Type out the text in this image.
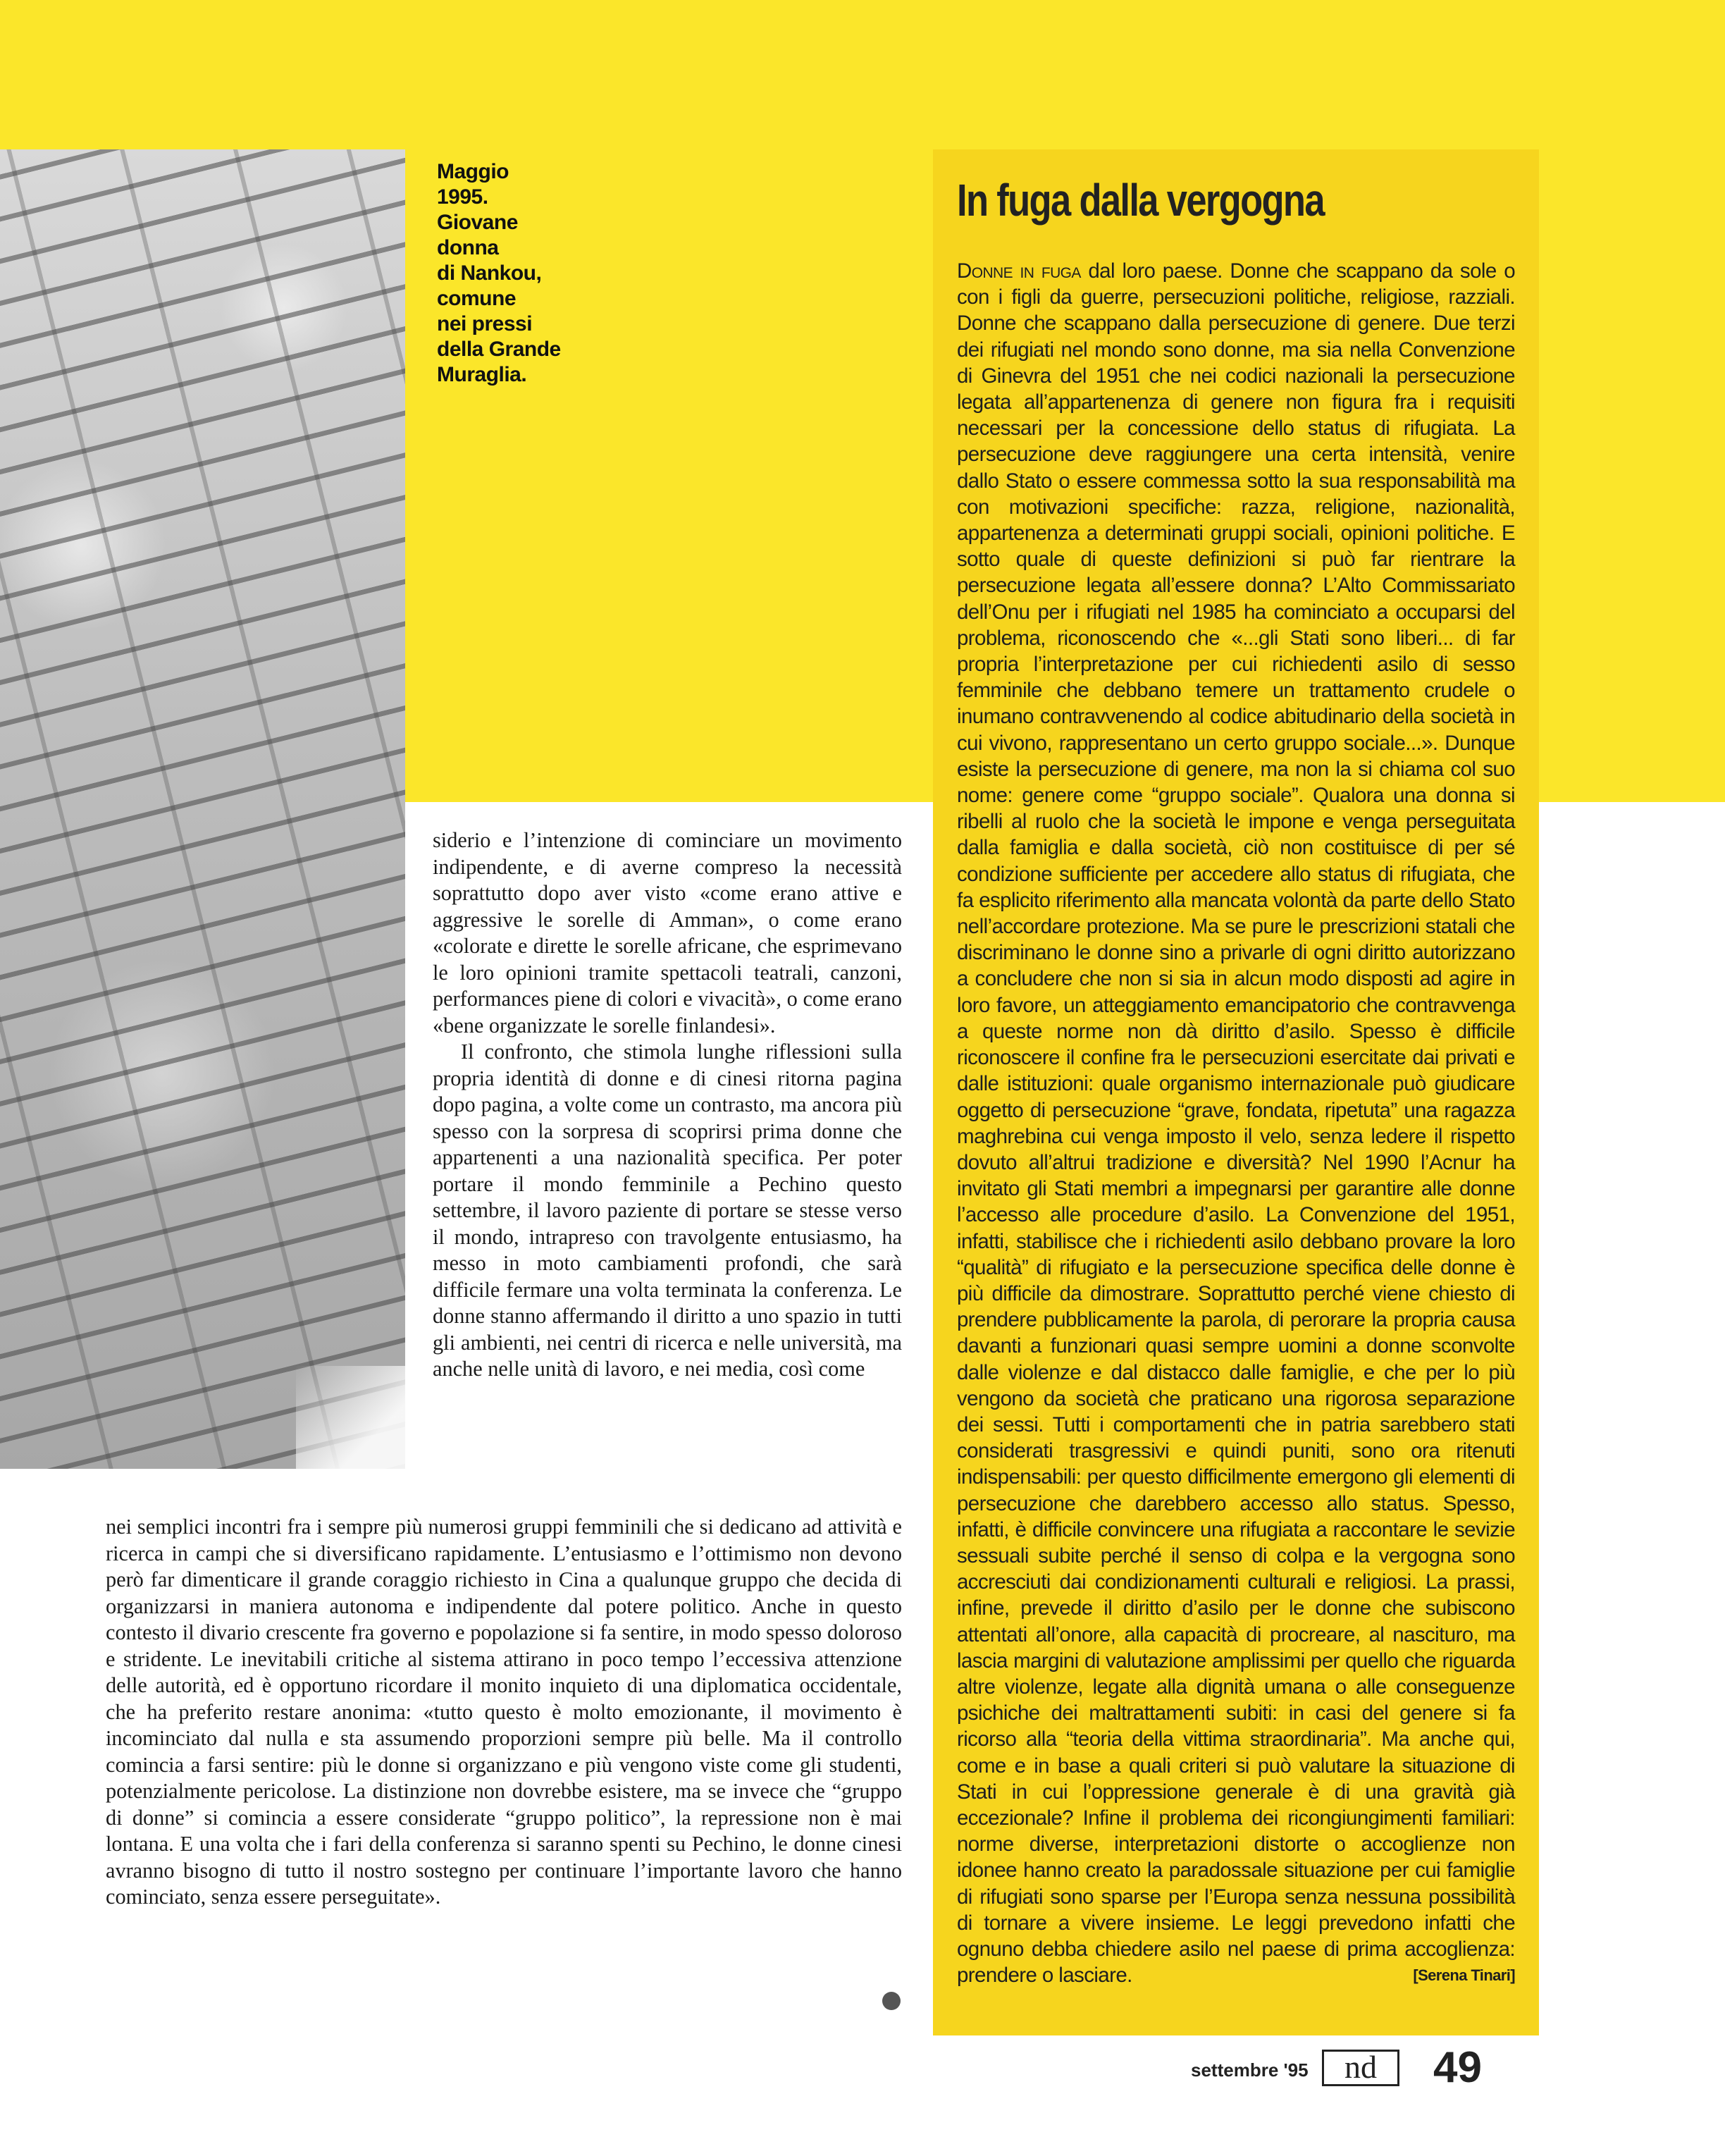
Maggio
1995.
Giovane
donna
di Nankou,
comune
nei pressi
della Grande
Muraglia.

siderio e l’intenzione di cominciare un movimento indipendente, e di averne compreso la necessità soprattutto dopo aver visto «come erano attive e aggressive le sorelle di Amman», o come erano «colorate e dirette le sorelle africane, che esprimevano le loro opinioni tramite spettacoli teatrali, canzoni, performances piene di colori e vivacità», o come erano «bene organizzate le sorelle finlandesi».

Il confronto, che stimola lunghe riflessioni sulla propria identità di donne e di cinesi ritorna pagina dopo pagina, a volte come un contrasto, ma ancora più spesso con la sorpresa di scoprirsi prima donne che appartenenti a una nazionalità specifica. Per poter portare il mondo femminile a Pechino questo settembre, il lavoro paziente di portare se stesse verso il mondo, intrapreso con travolgente entusiasmo, ha messo in moto cambiamenti profondi, che sarà difficile fermare una volta terminata la conferenza. Le donne stanno affermando il diritto a uno spazio in tutti gli ambienti, nei centri di ricerca e nelle università, ma anche nelle unità di lavoro, e nei media, così come

nei semplici incontri fra i sempre più numerosi gruppi femminili che si dedicano ad attività e ricerca in campi che si diversificano rapidamente. L’entusiasmo e l’ottimismo non devono però far dimenticare il grande coraggio richiesto in Cina a qualunque gruppo che decida di organizzarsi in maniera autonoma e indipendente dal potere politico. Anche in questo contesto il divario crescente fra governo e popolazione si fa sentire, in modo spesso doloroso e stridente. Le inevitabili critiche al sistema attirano in poco tempo l’eccessiva attenzione delle autorità, ed è opportuno ricordare il monito inquieto di una diplomatica occidentale, che ha preferito restare anonima: «tutto questo è molto emozionante, il movimento è incominciato dal nulla e sta assumendo proporzioni sempre più belle. Ma il controllo comincia a farsi sentire: più le donne si organizzano e più vengono viste come gli studenti, potenzialmente pericolose. La distinzione non dovrebbe esistere, ma se invece che “gruppo di donne” si comincia a essere considerate “gruppo politico”, la repressione non è mai lontana. E una volta che i fari della conferenza si saranno spenti su Pechino, le donne cinesi avranno bisogno di tutto il nostro sostegno per continuare l’importante lavoro che hanno cominciato, senza essere perseguitate».

In fuga dalla vergogna

Donne in fuga dal loro paese. Donne che scappano da sole o con i figli da guerre, persecuzioni politiche, religiose, razziali. Donne che scappano dalla persecuzione di genere. Due terzi dei rifugiati nel mondo sono donne, ma sia nella Convenzione di Ginevra del 1951 che nei codici nazionali la persecuzione legata all’appartenenza di genere non figura fra i requisiti necessari per la concessione dello status di rifugiata. La persecuzione deve raggiungere una certa intensità, venire dallo Stato o essere commessa sotto la sua responsabilità ma con motivazioni specifiche: razza, religione, nazionalità, appartenenza a determinati gruppi sociali, opinioni politiche. E sotto quale di queste definizioni si può far rientrare la persecuzione legata all’essere donna? L’Alto Commissariato dell’Onu per i rifugiati nel 1985 ha cominciato a occuparsi del problema, riconoscendo che «...gli Stati sono liberi... di far propria l’interpretazione per cui richiedenti asilo di sesso femminile che debbano temere un trattamento crudele o inumano contravvenendo al codice abitudinario della società in cui vivono, rappresentano un certo gruppo sociale...». Dunque esiste la persecuzione di genere, ma non la si chiama col suo nome: genere come “gruppo sociale”. Qualora una donna si ribelli al ruolo che la società le impone e venga perseguitata dalla famiglia e dalla società, ciò non costituisce di per sé condizione sufficiente per accedere allo status di rifugiata, che fa esplicito riferimento alla mancata volontà da parte dello Stato nell’accordare protezione. Ma se pure le prescrizioni statali che discriminano le donne sino a privarle di ogni diritto autorizzano a concludere che non si sia in alcun modo disposti ad agire in loro favore, un atteggiamento emancipatorio che contravvenga a queste norme non dà diritto d’asilo. Spesso è difficile riconoscere il confine fra le persecuzioni esercitate dai privati e dalle istituzioni: quale organismo internazionale può giudicare oggetto di persecuzione “grave, fondata, ripetuta” una ragazza maghrebina cui venga imposto il velo, senza ledere il rispetto dovuto all’altrui tradizione e diversità? Nel 1990 l’Acnur ha invitato gli Stati membri a impegnarsi per garantire alle donne l’accesso alle procedure d’asilo. La Convenzione del 1951, infatti, stabilisce che i richiedenti asilo debbano provare la loro “qualità” di rifugiato e la persecuzione specifica delle donne è più difficile da dimostrare. Soprattutto perché viene chiesto di prendere pubblicamente la parola, di perorare la propria causa davanti a funzionari quasi sempre uomini a donne sconvolte dalle violenze e dal distacco dalle famiglie, e che per lo più vengono da società che praticano una rigorosa separazione dei sessi. Tutti i comportamenti che in patria sarebbero stati considerati trasgressivi e quindi puniti, sono ora ritenuti indispensabili: per questo difficilmente emergono gli elementi di persecuzione che darebbero accesso allo status. Spesso, infatti, è difficile convincere una rifugiata a raccontare le sevizie sessuali subite perché il senso di colpa e la vergogna sono accresciuti dai condizionamenti culturali e religiosi. La prassi, infine, prevede il diritto d’asilo per le donne che subiscono attentati all’onore, alla capacità di procreare, al nascituro, ma lascia margini di valutazione amplissimi per quello che riguarda altre violenze, legate alla dignità umana o alle conseguenze psichiche dei maltrattamenti subiti: in casi del genere si fa ricorso alla “teoria della vittima straordinaria”. Ma anche qui, come e in base a quali criteri si può valutare la situazione di Stati in cui l’oppressione generale è di una gravità già eccezionale? Infine il problema dei ricongiungimenti familiari: norme diverse, interpretazioni distorte o accoglienze non idonee hanno creato la paradossale situazione per cui famiglie di rifugiati sono sparse per l’Europa senza nessuna possibilità di tornare a vivere insieme. Le leggi prevedono infatti che ognuno debba chiedere asilo nel paese di prima accoglienza: prendere o lasciare.	[Serena Tinari]

settembre '95	nd	49
